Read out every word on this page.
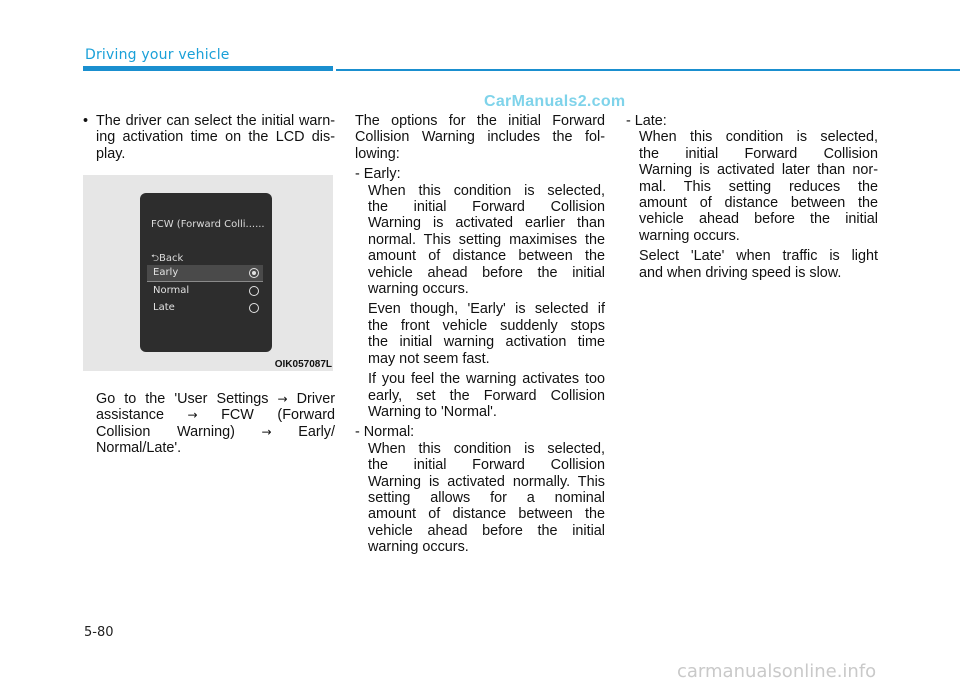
Driving your vehicle
CarManuals2.com
• The driver can select the initial warn-

ing activation time on the LCD dis-

play.

FCW (Forward Colli......
⮌Back
Early
Normal
Late
OIK057087L

Go to the 'User Settings → Driver

assistance → FCW (Forward

Collision Warning) → Early/

Normal/Late'.

The options for the initial Forward

Collision Warning includes the fol-

lowing:

- Early:

When this condition is selected,

the initial Forward Collision

Warning is activated earlier than

normal. This setting maximises the

amount of distance between the

vehicle ahead before the initial

warning occurs.

Even though, 'Early' is selected if

the front vehicle suddenly stops

the initial warning activation time

may not seem fast.

If you feel the warning activates too

early, set the Forward Collision

Warning to 'Normal'.

- Normal:

When this condition is selected,

the initial Forward Collision

Warning is activated normally. This

setting allows for a nominal

amount of distance between the

vehicle ahead before the initial

warning occurs.

- Late:

When this condition is selected,

the initial Forward Collision

Warning is activated later than nor-

mal. This setting reduces the

amount of distance between the

vehicle ahead before the initial

warning occurs.

Select 'Late' when traffic is light

and when driving speed is slow.

5-80
carmanualsonline.info
